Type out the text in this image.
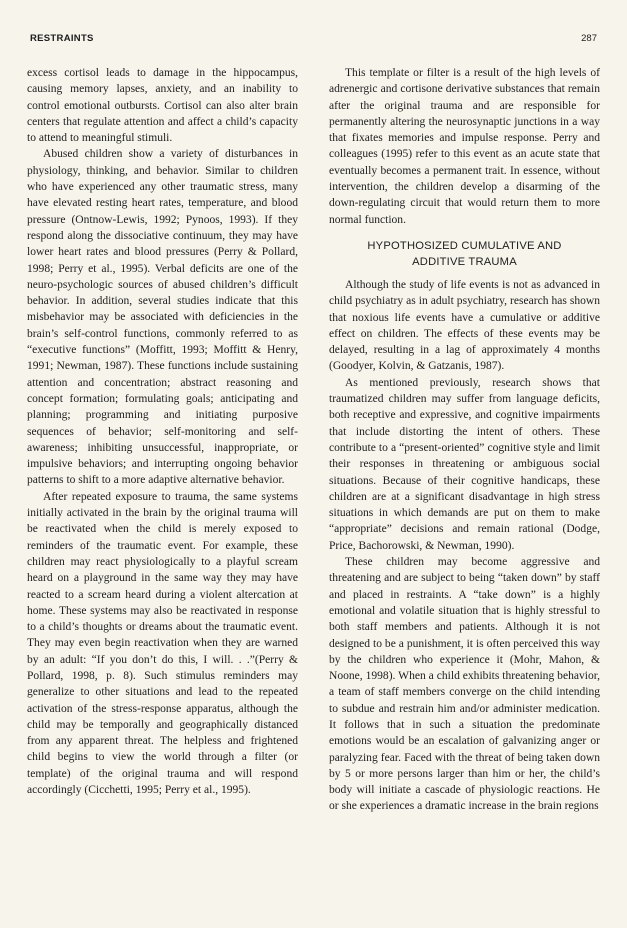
RESTRAINTS	287

excess cortisol leads to damage in the hippocampus, causing memory lapses, anxiety, and an inability to control emotional outbursts. Cortisol can also alter brain centers that regulate attention and affect a child’s capacity to attend to meaningful stimuli.

Abused children show a variety of disturbances in physiology, thinking, and behavior. Similar to children who have experienced any other traumatic stress, many have elevated resting heart rates, temperature, and blood pressure (Ontnow-Lewis, 1992; Pynoos, 1993). If they respond along the dissociative continuum, they may have lower heart rates and blood pressures (Perry & Pollard, 1998; Perry et al., 1995). Verbal deficits are one of the neuro-psychologic sources of abused children’s difficult behavior. In addition, several studies indicate that this misbehavior may be associated with deficiencies in the brain’s self-control functions, commonly referred to as “executive functions” (Moffitt, 1993; Moffitt & Henry, 1991; Newman, 1987). These functions include sustaining attention and concentration; abstract reasoning and concept formation; formulating goals; anticipating and planning; programming and initiating purposive sequences of behavior; self-monitoring and self-awareness; inhibiting unsuccessful, inappropriate, or impulsive behaviors; and interrupting ongoing behavior patterns to shift to a more adaptive alternative behavior.

After repeated exposure to trauma, the same systems initially activated in the brain by the original trauma will be reactivated when the child is merely exposed to reminders of the traumatic event. For example, these children may react physiologically to a playful scream heard on a playground in the same way they may have reacted to a scream heard during a violent altercation at home. These systems may also be reactivated in response to a child’s thoughts or dreams about the traumatic event. They may even begin reactivation when they are warned by an adult: “If you don’t do this, I will. . .”(Perry & Pollard, 1998, p. 8). Such stimulus reminders may generalize to other situations and lead to the repeated activation of the stress-response apparatus, although the child may be temporally and geographically distanced from any apparent threat. The helpless and frightened child begins to view the world through a filter (or template) of the original trauma and will respond accordingly (Cicchetti, 1995; Perry et al., 1995).

This template or filter is a result of the high levels of adrenergic and cortisone derivative substances that remain after the original trauma and are responsible for permanently altering the neurosynaptic junctions in a way that fixates memories and impulse response. Perry and colleagues (1995) refer to this event as an acute state that eventually becomes a permanent trait. In essence, without intervention, the children develop a disarming of the down-regulating circuit that would return them to more normal function.

HYPOTHOSIZED CUMULATIVE AND
ADDITIVE TRAUMA

Although the study of life events is not as advanced in child psychiatry as in adult psychiatry, research has shown that noxious life events have a cumulative or additive effect on children. The effects of these events may be delayed, resulting in a lag of approximately 4 months (Goodyer, Kolvin, & Gatzanis, 1987).

As mentioned previously, research shows that traumatized children may suffer from language deficits, both receptive and expressive, and cognitive impairments that include distorting the intent of others. These contribute to a “present-oriented” cognitive style and limit their responses in threatening or ambiguous social situations. Because of their cognitive handicaps, these children are at a significant disadvantage in high stress situations in which demands are put on them to make “appropriate” decisions and remain rational (Dodge, Price, Bachorowski, & Newman, 1990).

These children may become aggressive and threatening and are subject to being “taken down” by staff and placed in restraints. A “take down” is a highly emotional and volatile situation that is highly stressful to both staff members and patients. Although it is not designed to be a punishment, it is often perceived this way by the children who experience it (Mohr, Mahon, & Noone, 1998). When a child exhibits threatening behavior, a team of staff members converge on the child intending to subdue and restrain him and/or administer medication. It follows that in such a situation the predominate emotions would be an escalation of galvanizing anger or paralyzing fear. Faced with the threat of being taken down by 5 or more persons larger than him or her, the child’s body will initiate a cascade of physiologic reactions. He or she experiences a dramatic increase in the brain regions
